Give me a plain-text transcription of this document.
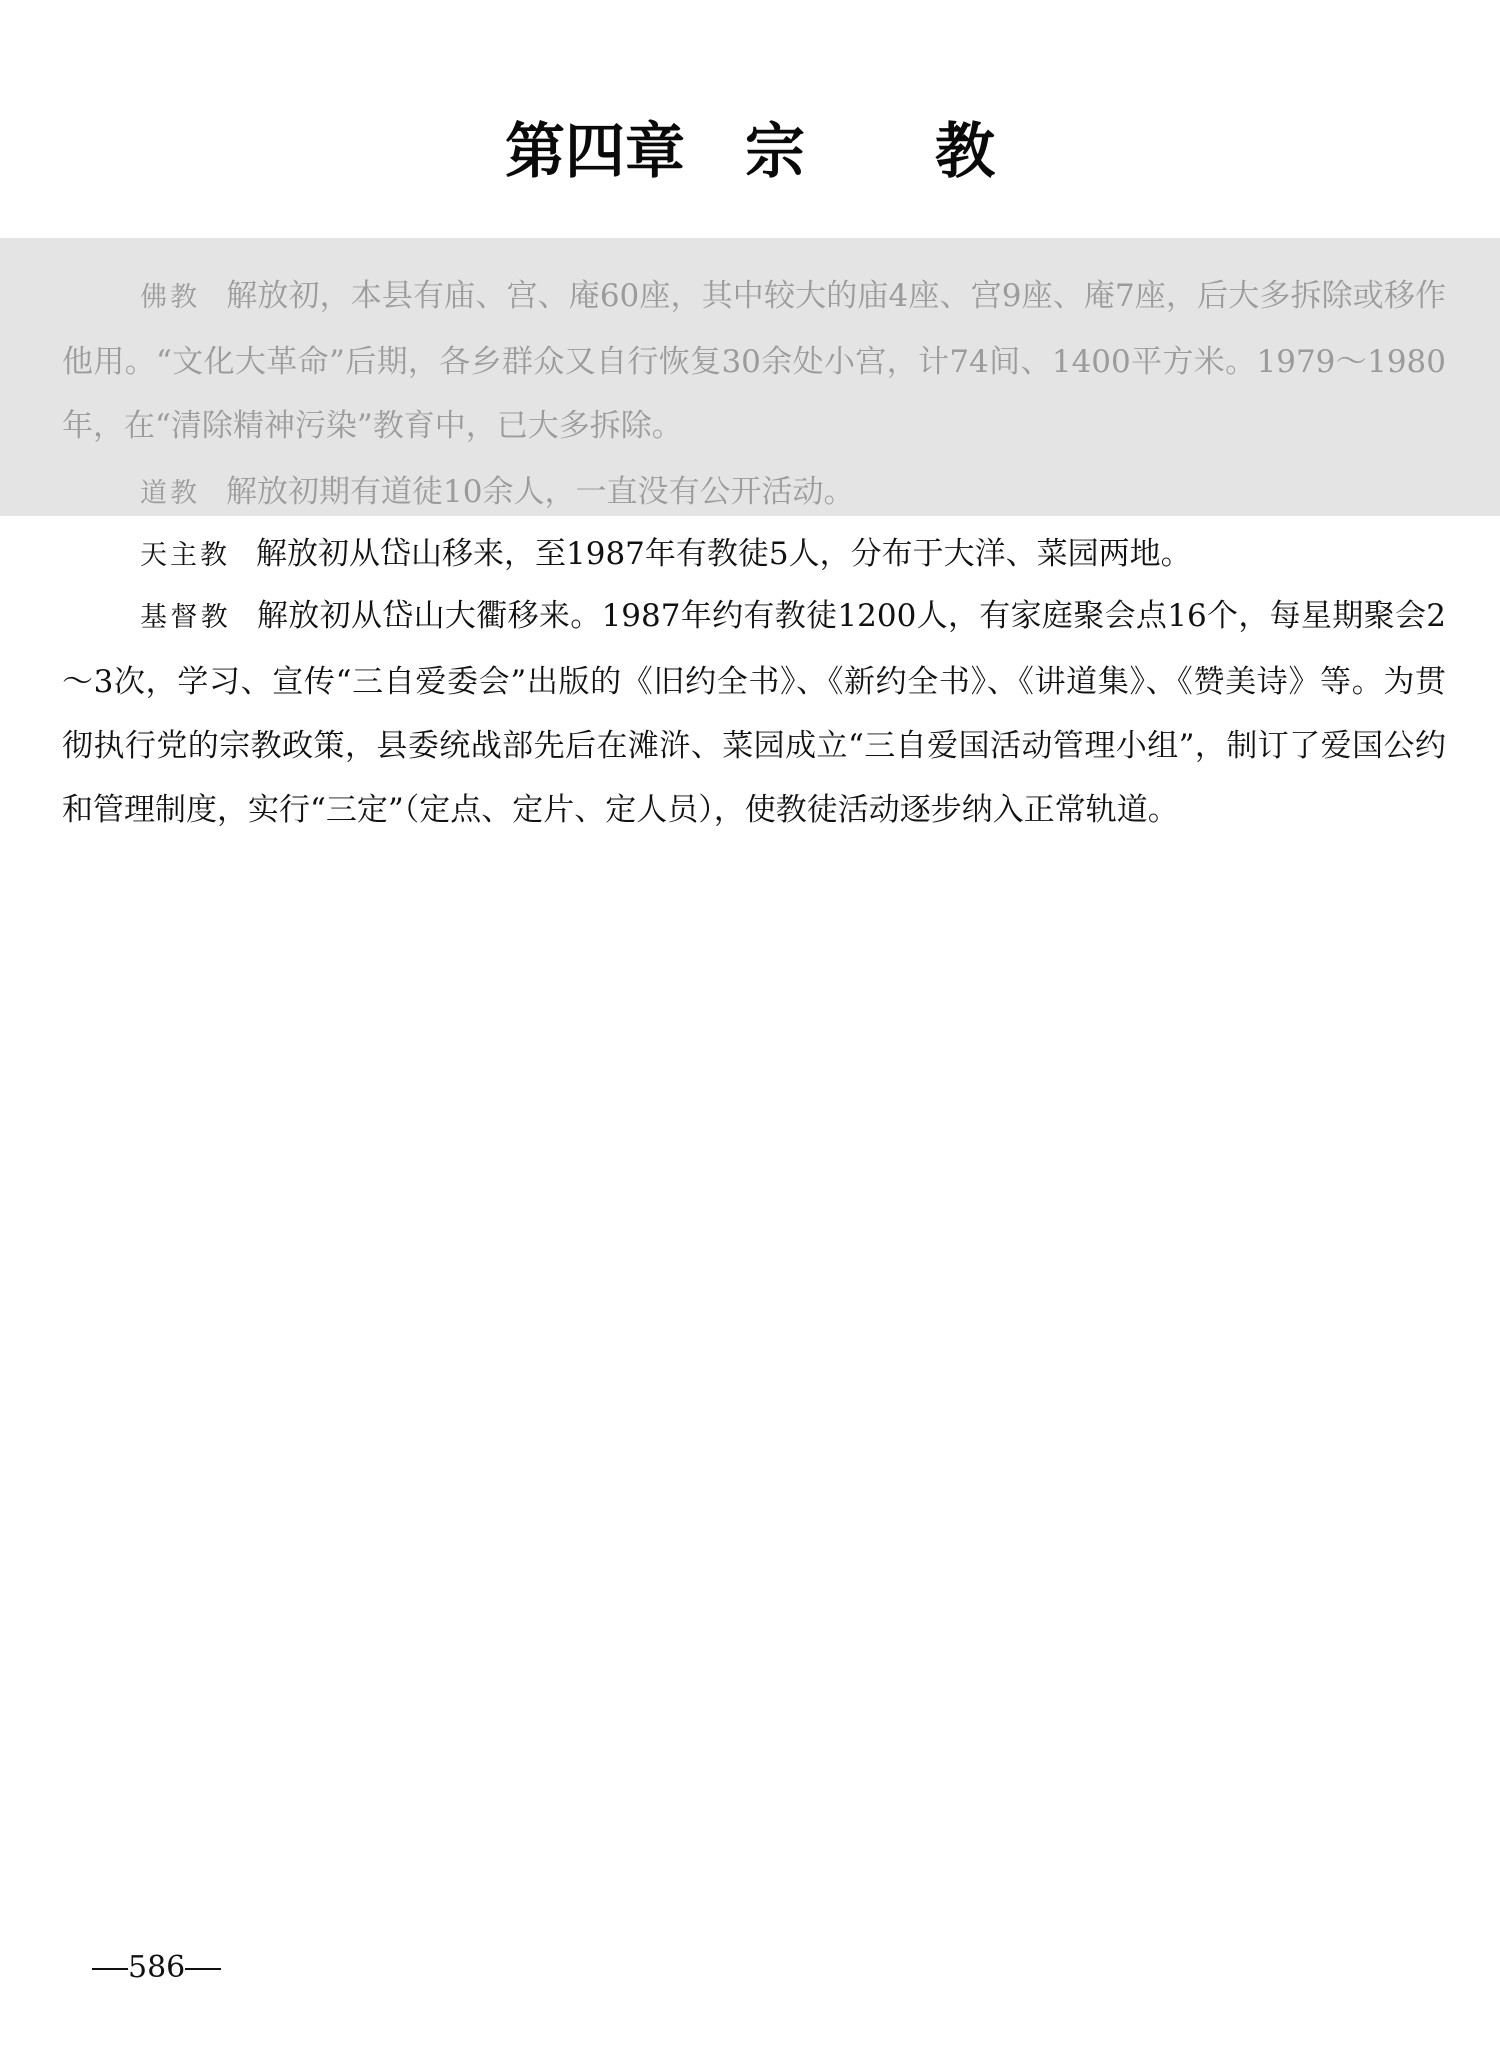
第四章 宗 教

佛教 解放初，本县有庙、宫、庵60座，其中较大的庙4座、宫9座、庵7座，后大多拆除或移作他用。“文化大革命”后期，各乡群众又自行恢复30余处小宫，计74间、1400平方米。1979～1980年，在“清除精神污染”教育中，已大多拆除。

道教 解放初期有道徒10余人，一直没有公开活动。

天主教 解放初从岱山移来，至1987年有教徒5人，分布于大洋、菜园两地。

基督教 解放初从岱山大衢移来。1987年约有教徒1200人，有家庭聚会点16个，每星期聚会2～3次，学习、宣传“三自爱委会”出版的《旧约全书》、《新约全书》、《讲道集》、《赞美诗》等。为贯彻执行党的宗教政策，县委统战部先后在滩浒、菜园成立“三自爱国活动管理小组”，制订了爱国公约和管理制度，实行“三定”（定点、定片、定人员），使教徒活动逐步纳入正常轨道。

586
